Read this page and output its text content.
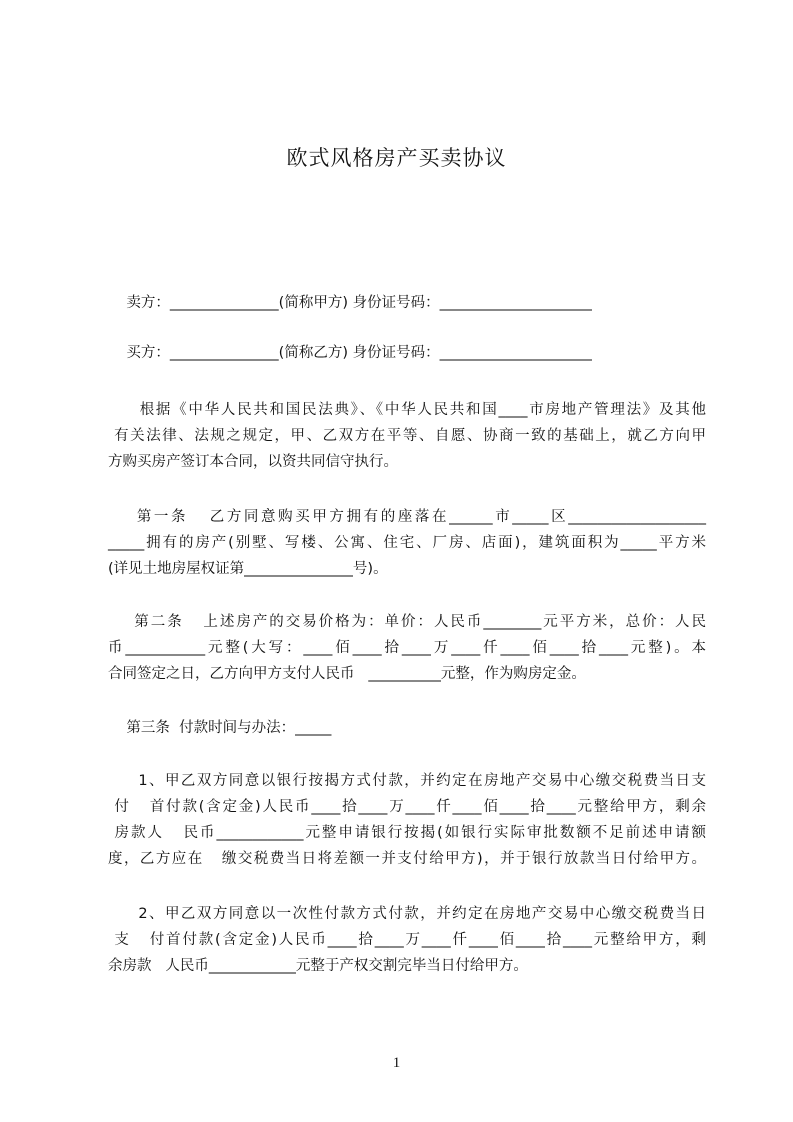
欧式风格房产买卖协议
卖方：_______________(简称甲方) 身份证号码：_____________________
买方：_______________(简称乙方) 身份证号码：_____________________
根据《中华人民共和国民法典》、《中华人民共和国____市房地产管理法》及其他
有关法律、法规之规定，甲、乙双方在平等、自愿、协商一致的基础上，就乙方向甲
方购买房产签订本合同，以资共同信守执行。
第一条   乙方同意购买甲方拥有的座落在______市_____区___________________
_____拥有的房产(别墅、写楼、公寓、住宅、厂房、店面)，建筑面积为_____平方米
(详见土地房屋权证第_______________号)。
第二条   上述房产的交易价格为：单价：人民币________元平方米，总价：人民
币___________元整(大写：____佰____拾____万____仟____佰____拾____元整)。本
合同签定之日，乙方向甲方支付人民币   __________元整，作为购房定金。
第三条  付款时间与办法：_____
1、甲乙双方同意以银行按揭方式付款，并约定在房地产交易中心缴交税费当日支
付   首付款(含定金)人民币____拾____万____仟____佰____拾____元整给甲方，剩余
房款人   民币____________元整申请银行按揭(如银行实际审批数额不足前述申请额
度，乙方应在   缴交税费当日将差额一并支付给甲方)，并于银行放款当日付给甲方。
2、甲乙双方同意以一次性付款方式付款，并约定在房地产交易中心缴交税费当日
支   付首付款(含定金)人民币____拾____万____仟____佰____拾____元整给甲方，剩
余房款   人民币____________元整于产权交割完毕当日付给甲方。
1
